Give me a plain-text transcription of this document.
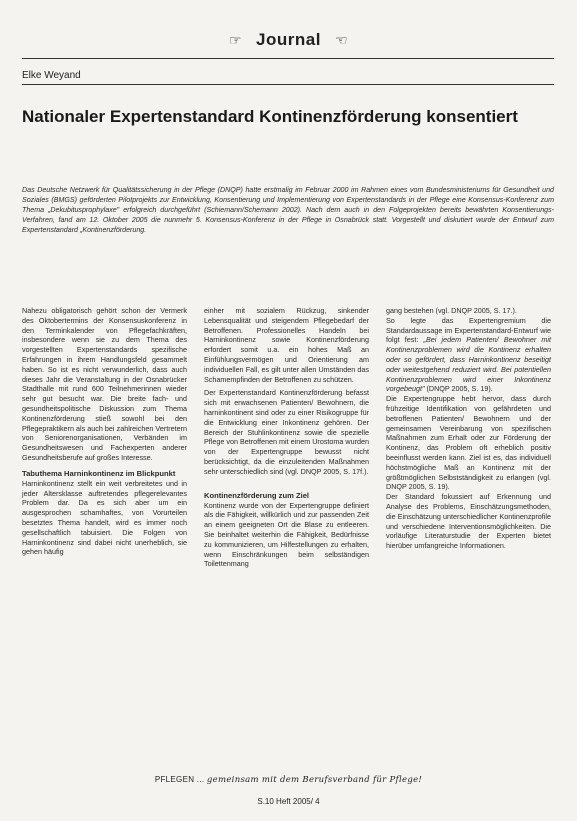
☞ Journal ☜
Elke Weyand
Nationaler Expertenstandard Kontinenzförderung konsentiert
Das Deutsche Netzwerk für Qualitätssicherung in der Pflege (DNQP) hatte erstmalig im Februar 2000 im Rahmen eines vom Bundesministeriums für Gesundheit und Soziales (BMGS) geförderten Pilotprojekts zur Entwicklung, Konsentierung und Implementierung von Expertenstandards in der Pflege eine Konsensus-Konferenz zum Thema „Dekubitusprophylaxe" erfolgreich durchgeführt (Schiemann/Schemann 2002). Nach dem auch in den Folgeprojekten bereits bewährten Konsentierungs-Verfahren, fand am 12. Oktober 2005 die nunmehr 5. Konsensus-Konferenz in der Pflege in Osnabrück statt. Vorgestellt und diskutiert wurde der Entwurf zum Expertenstandard „Kontinenzförderung.

Nahezu obligatorisch gehört schon der Vermerk des Oktobertermins der Konsensuskonferenz in den Terminkalender von Pflegefachkräften, insbesondere wenn sie zu dem Thema des vorgestellten Expertenstandards spezifische Erfahrungen in ihrem Handlungsfeld gesammelt haben. So ist es nicht verwunderlich, dass auch dieses Jahr die Veranstaltung in der Osnabrücker Stadthalle mit rund 600 Teilnehmerinnen wieder sehr gut besucht war. Die breite fach- und gesundheitspolitische Diskussion zum Thema Kontinenzförderung stieß sowohl bei den Pflegepraktikern als auch bei zahlreichen Vertretern von Seniorenorganisationen, Verbänden im Gesundheitswesen und Fachexperten anderer Gesundheitsberufe auf großes Interesse.

Tabuthema Harninkontinenz im Blickpunkt

Harninkontinenz stellt ein weit verbreitetes und in jeder Altersklasse auftretendes pflegerelevantes Problem dar. Da es sich aber um ein ausgesprochen schamhaftes, von Vorurteilen besetztes Thema handelt, wird es immer noch gesellschaftlich tabuisiert. Die Folgen von Harninkontinenz sind dabei nicht unerheblich, sie gehen häufig

einher mit sozialem Rückzug, sinkender Lebensqualität und steigendem Pflegebedarf der Betroffenen. Professionelles Handeln bei Harninkontinenz sowie Kontinenzförderung erfordert somit u.a. ein hohes Maß an Einfühlungsvermögen und Orientierung am individuellen Fall, es gilt unter allen Umständen das Schamempfinden der Betroffenen zu schützen.

Der Expertenstandard Kontinenzförderung befasst sich mit erwachsenen Patienten/ Bewohnern, die harninkontinent sind oder zu einer Risikogruppe für die Entwicklung einer Inkontinenz gehören. Der Bereich der Stuhlinkontinenz sowie die spezielle Pflege von Betroffenen mit einem Urostoma wurden von der Expertengruppe bewusst nicht berücksichtigt, da die einzuleitenden Maßnahmen sehr unterschiedlich sind (vgl. DNQP 2005, S. 17f.).

Kontinenzförderung zum Ziel

Kontinenz wurde von der Expertengruppe definiert als die Fähigkeit, willkürlich und zur passenden Zeit an einem geeigneten Ort die Blase zu entleeren. Sie beinhaltet weiterhin die Fähigkeit, Bedürfnisse zu kommunizieren, um Hilfestellungen zu erhalten, wenn Einschränkungen beim selbständigen Toilettenmang

gang bestehen (vgl. DNQP 2005, S. 17.).

So legte das Expertengremium die Standardaussage im Expertenstandard-Entwurf wie folgt fest: „Bei jedem Patienten/ Bewohner mit Kontinenzproblemen wird die Kontinenz erhalten oder so gefördert, dass Harninkontinenz beseitigt oder weitestgehend reduziert wird. Bei potentiellen Kontinenzproblemen wird einer Inkontinenz vorgebeugt" (DNQP 2005, S. 19).

Die Expertengruppe hebt hervor, dass durch frühzeitige Identifikation von gefährdeten und betroffenen Patienten/ Bewohnern und der gemeinsamen Vereinbarung von spezifischen Maßnahmen zum Erhalt oder zur Förderung der Kontinenz, das Problem oft erheblich positiv beeinflusst werden kann. Ziel ist es, das individuell höchstmögliche Maß an Kontinenz mit der größtmöglichen Selbstständigkeit zu erlangen (vgl. DNQP 2005, S. 19).

Der Standard fokussiert auf Erkennung und Analyse des Problems, Einschätzungsmethoden, die Einschätzung unterschiedlicher Kontinenzprofile und verschiedene Interventionsmöglichkeiten. Die vorläufige Literaturstudie der Experten bietet hierüber umfangreiche Informationen.

PFLEGEN ... gemeinsam mit dem Berufsverband für Pflege!
S.10 Heft 2005/ 4
